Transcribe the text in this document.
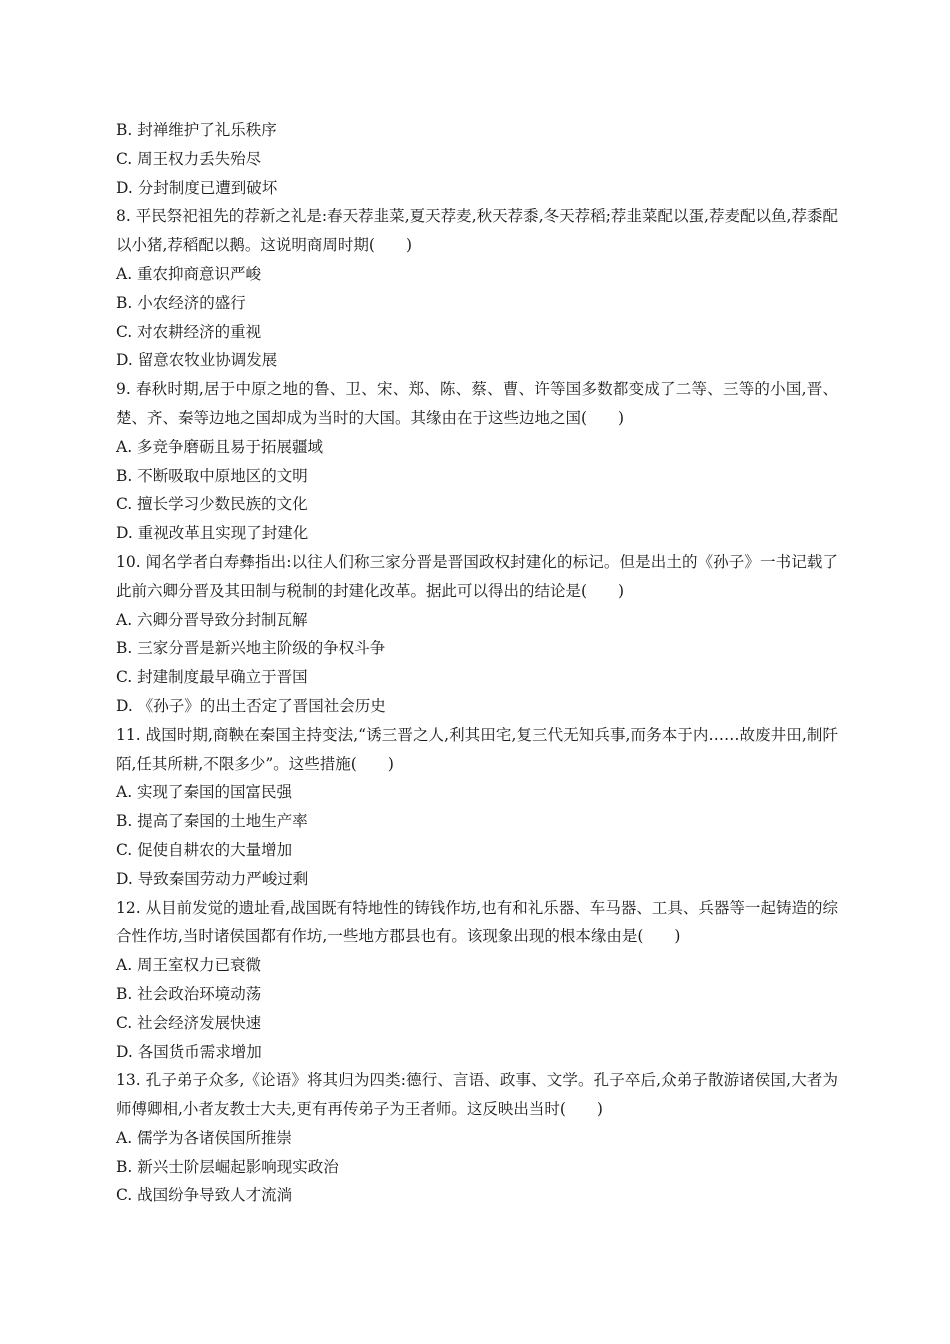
B. 封禅维护了礼乐秩序

C. 周王权力丢失殆尽

D. 分封制度已遭到破坏

8. 平民祭祀祖先的荐新之礼是:春天荐韭菜,夏天荐麦,秋天荐黍,冬天荐稻;荐韭菜配以蛋,荐麦配以鱼,荐黍配以小猪,荐稻配以鹅。这说明商周时期(　　)

A. 重农抑商意识严峻

B. 小农经济的盛行

C. 对农耕经济的重视

D. 留意农牧业协调发展

9. 春秋时期,居于中原之地的鲁、卫、宋、郑、陈、蔡、曹、许等国多数都变成了二等、三等的小国,晋、楚、齐、秦等边地之国却成为当时的大国。其缘由在于这些边地之国(　　)

A. 多竞争磨砺且易于拓展疆域

B. 不断吸取中原地区的文明

C. 擅长学习少数民族的文化

D. 重视改革且实现了封建化

10. 闻名学者白寿彝指出:以往人们称三家分晋是晋国政权封建化的标记。但是出土的《孙子》一书记载了此前六卿分晋及其田制与税制的封建化改革。据此可以得出的结论是(　　)

A. 六卿分晋导致分封制瓦解

B. 三家分晋是新兴地主阶级的争权斗争

C. 封建制度最早确立于晋国

D. 《孙子》的出土否定了晋国社会历史

11. 战国时期,商鞅在秦国主持变法,“诱三晋之人,利其田宅,复三代无知兵事,而务本于内……故废井田,制阡陌,任其所耕,不限多少”。这些措施(　　)

A. 实现了秦国的国富民强

B. 提高了秦国的土地生产率

C. 促使自耕农的大量增加

D. 导致秦国劳动力严峻过剩

12. 从目前发觉的遗址看,战国既有特地性的铸钱作坊,也有和礼乐器、车马器、工具、兵器等一起铸造的综合性作坊,当时诸侯国都有作坊,一些地方郡县也有。该现象出现的根本缘由是(　　)

A. 周王室权力已衰微

B. 社会政治环境动荡

C. 社会经济发展快速

D. 各国货币需求增加

13. 孔子弟子众多,《论语》将其归为四类:德行、言语、政事、文学。孔子卒后,众弟子散游诸侯国,大者为师傅卿相,小者友教士大夫,更有再传弟子为王者师。这反映出当时(　　)

A. 儒学为各诸侯国所推崇

B. 新兴士阶层崛起影响现实政治

C. 战国纷争导致人才流淌
